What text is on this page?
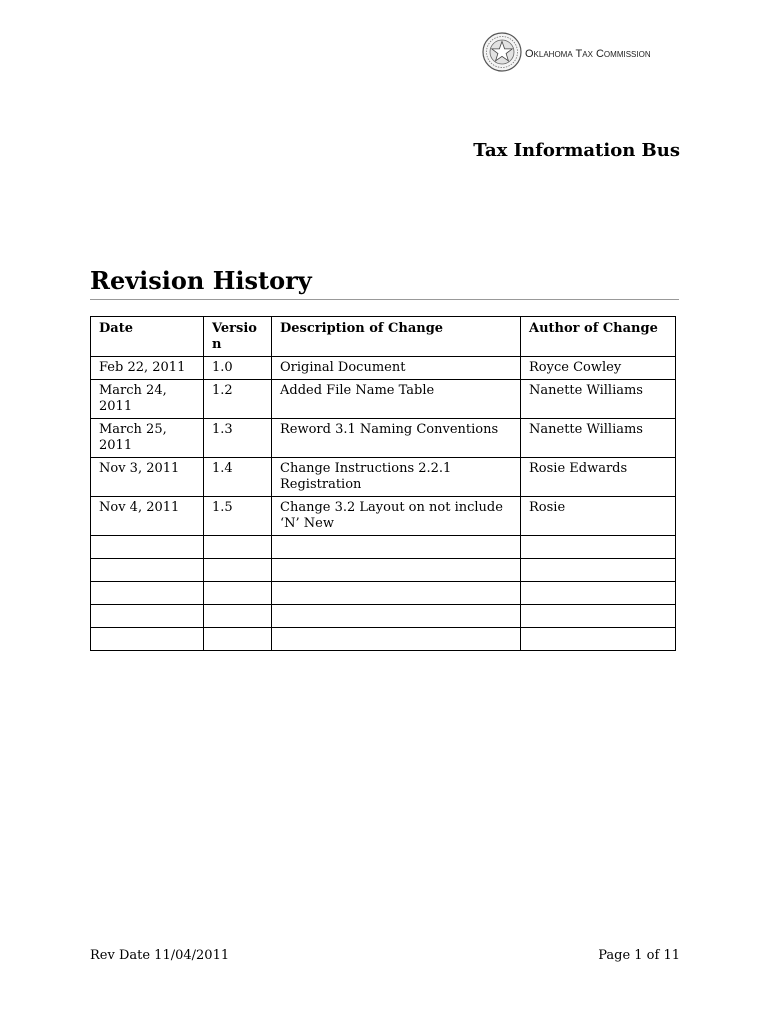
Oklahoma Tax Commission
Tax Information Bus
Revision History
Date	Version	Description of Change	Author of Change
Feb 22, 2011	1.0	Original Document	Royce Cowley
March 24, 2011	1.2	Added File Name Table	Nanette Williams
March 25, 2011	1.3	Reword 3.1 Naming Conventions	Nanette Williams
Nov 3, 2011	1.4	Change Instructions 2.2.1 Registration	Rosie Edwards
Nov 4, 2011	1.5	Change 3.2 Layout on not include ‘N’ New	Rosie

Rev Date 11/04/2011	Page 1 of 11
